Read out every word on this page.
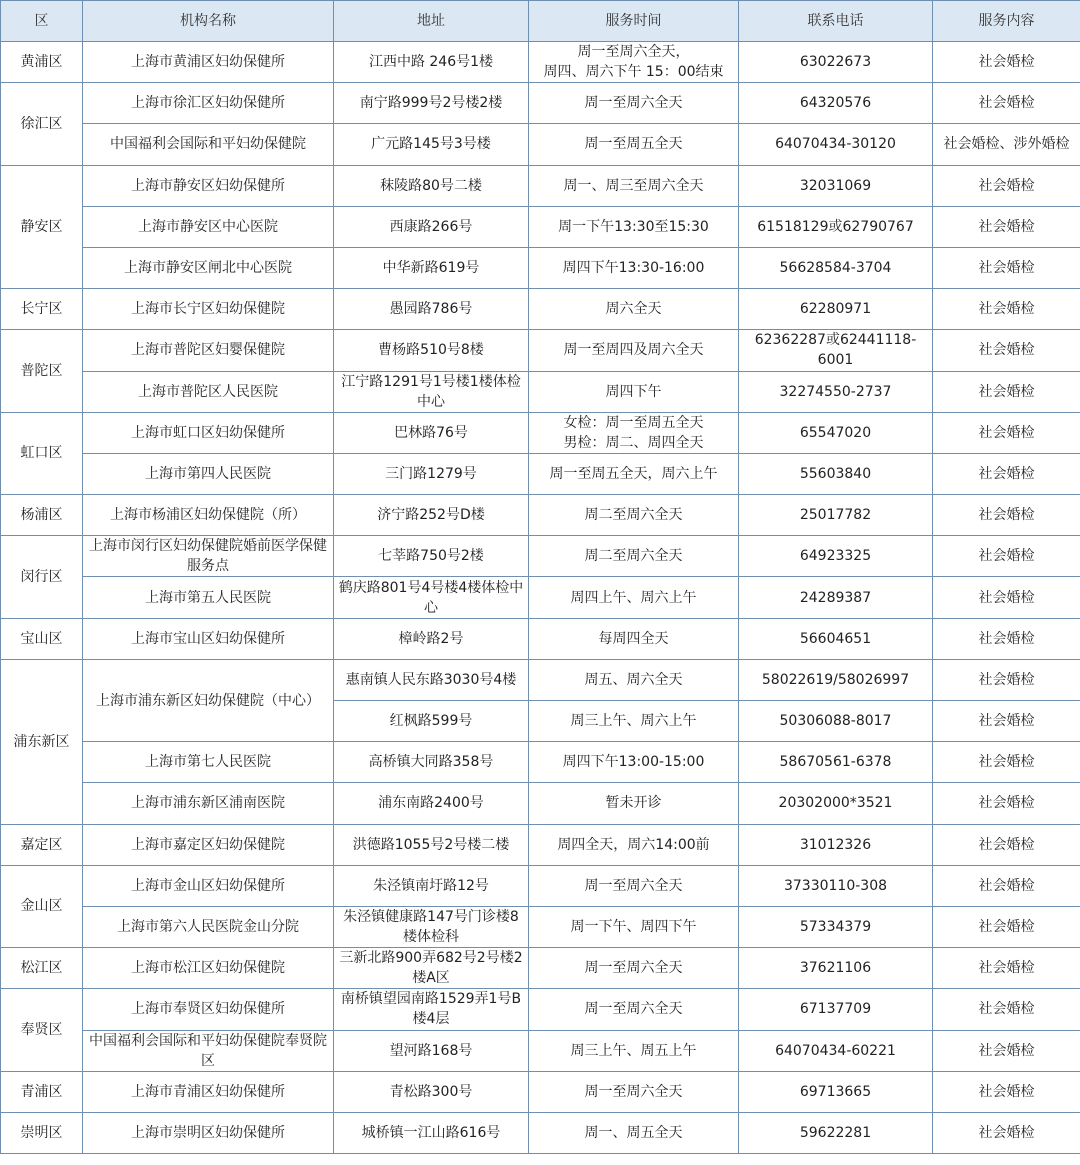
区	机构名称	地址	服务时间	联系电话	服务内容
黄浦区	上海市黄浦区妇幼保健所	江西中路 246号1楼	周一至周六全天，
周四、周六下午 15：00结束	63022673	社会婚检
徐汇区	上海市徐汇区妇幼保健所	南宁路999号2号楼2楼	周一至周六全天	64320576	社会婚检
	中国福利会国际和平妇幼保健院	广元路145号3号楼	周一至周五全天	64070434-30120	社会婚检、涉外婚检
静安区	上海市静安区妇幼保健所	秣陵路80号二楼	周一、周三至周六全天	32031069	社会婚检
	上海市静安区中心医院	西康路266号	周一下午13:30至15:30	61518129或62790767	社会婚检
	上海市静安区闸北中心医院	中华新路619号	周四下午13:30-16:00	56628584-3704	社会婚检
长宁区	上海市长宁区妇幼保健院	愚园路786号	周六全天	62280971	社会婚检
普陀区	上海市普陀区妇婴保健院	曹杨路510号8楼	周一至周四及周六全天	62362287或62441118-6001	社会婚检
	上海市普陀区人民医院	江宁路1291号1号楼1楼体检中心	周四下午	32274550-2737	社会婚检
虹口区	上海市虹口区妇幼保健所	巴林路76号	女检：周一至周五全天
男检：周二、周四全天	65547020	社会婚检
	上海市第四人民医院	三门路1279号	周一至周五全天，周六上午	55603840	社会婚检
杨浦区	上海市杨浦区妇幼保健院（所）	济宁路252号D楼	周二至周六全天	25017782	社会婚检
闵行区	上海市闵行区妇幼保健院婚前医学保健服务点	七莘路750号2楼	周二至周六全天	64923325	社会婚检
	上海市第五人民医院	鹤庆路801号4号楼4楼体检中心	周四上午、周六上午	24289387	社会婚检
宝山区	上海市宝山区妇幼保健所	樟岭路2号	每周四全天	56604651	社会婚检
浦东新区	上海市浦东新区妇幼保健院（中心）	惠南镇人民东路3030号4楼	周五、周六全天	58022619/58026997	社会婚检
		红枫路599号	周三上午、周六上午	50306088-8017	社会婚检
	上海市第七人民医院	高桥镇大同路358号	周四下午13:00-15:00	58670561-6378	社会婚检
	上海市浦东新区浦南医院	浦东南路2400号	暂未开诊	20302000*3521	社会婚检
嘉定区	上海市嘉定区妇幼保健院	洪德路1055号2号楼二楼	周四全天，周六14:00前	31012326	社会婚检
金山区	上海市金山区妇幼保健所	朱泾镇南圩路12号	周一至周六全天	37330110-308	社会婚检
	上海市第六人民医院金山分院	朱泾镇健康路147号门诊楼8楼体检科	周一下午、周四下午	57334379	社会婚检
松江区	上海市松江区妇幼保健院	三新北路900弄682号2号楼2楼A区	周一至周六全天	37621106	社会婚检
奉贤区	上海市奉贤区妇幼保健所	南桥镇望园南路1529弄1号B楼4层	周一至周六全天	67137709	社会婚检
	中国福利会国际和平妇幼保健院奉贤院区	望河路168号	周三上午、周五上午	64070434-60221	社会婚检
青浦区	上海市青浦区妇幼保健所	青松路300号	周一至周六全天	69713665	社会婚检
崇明区	上海市崇明区妇幼保健所	城桥镇一江山路616号	周一、周五全天	59622281	社会婚检
